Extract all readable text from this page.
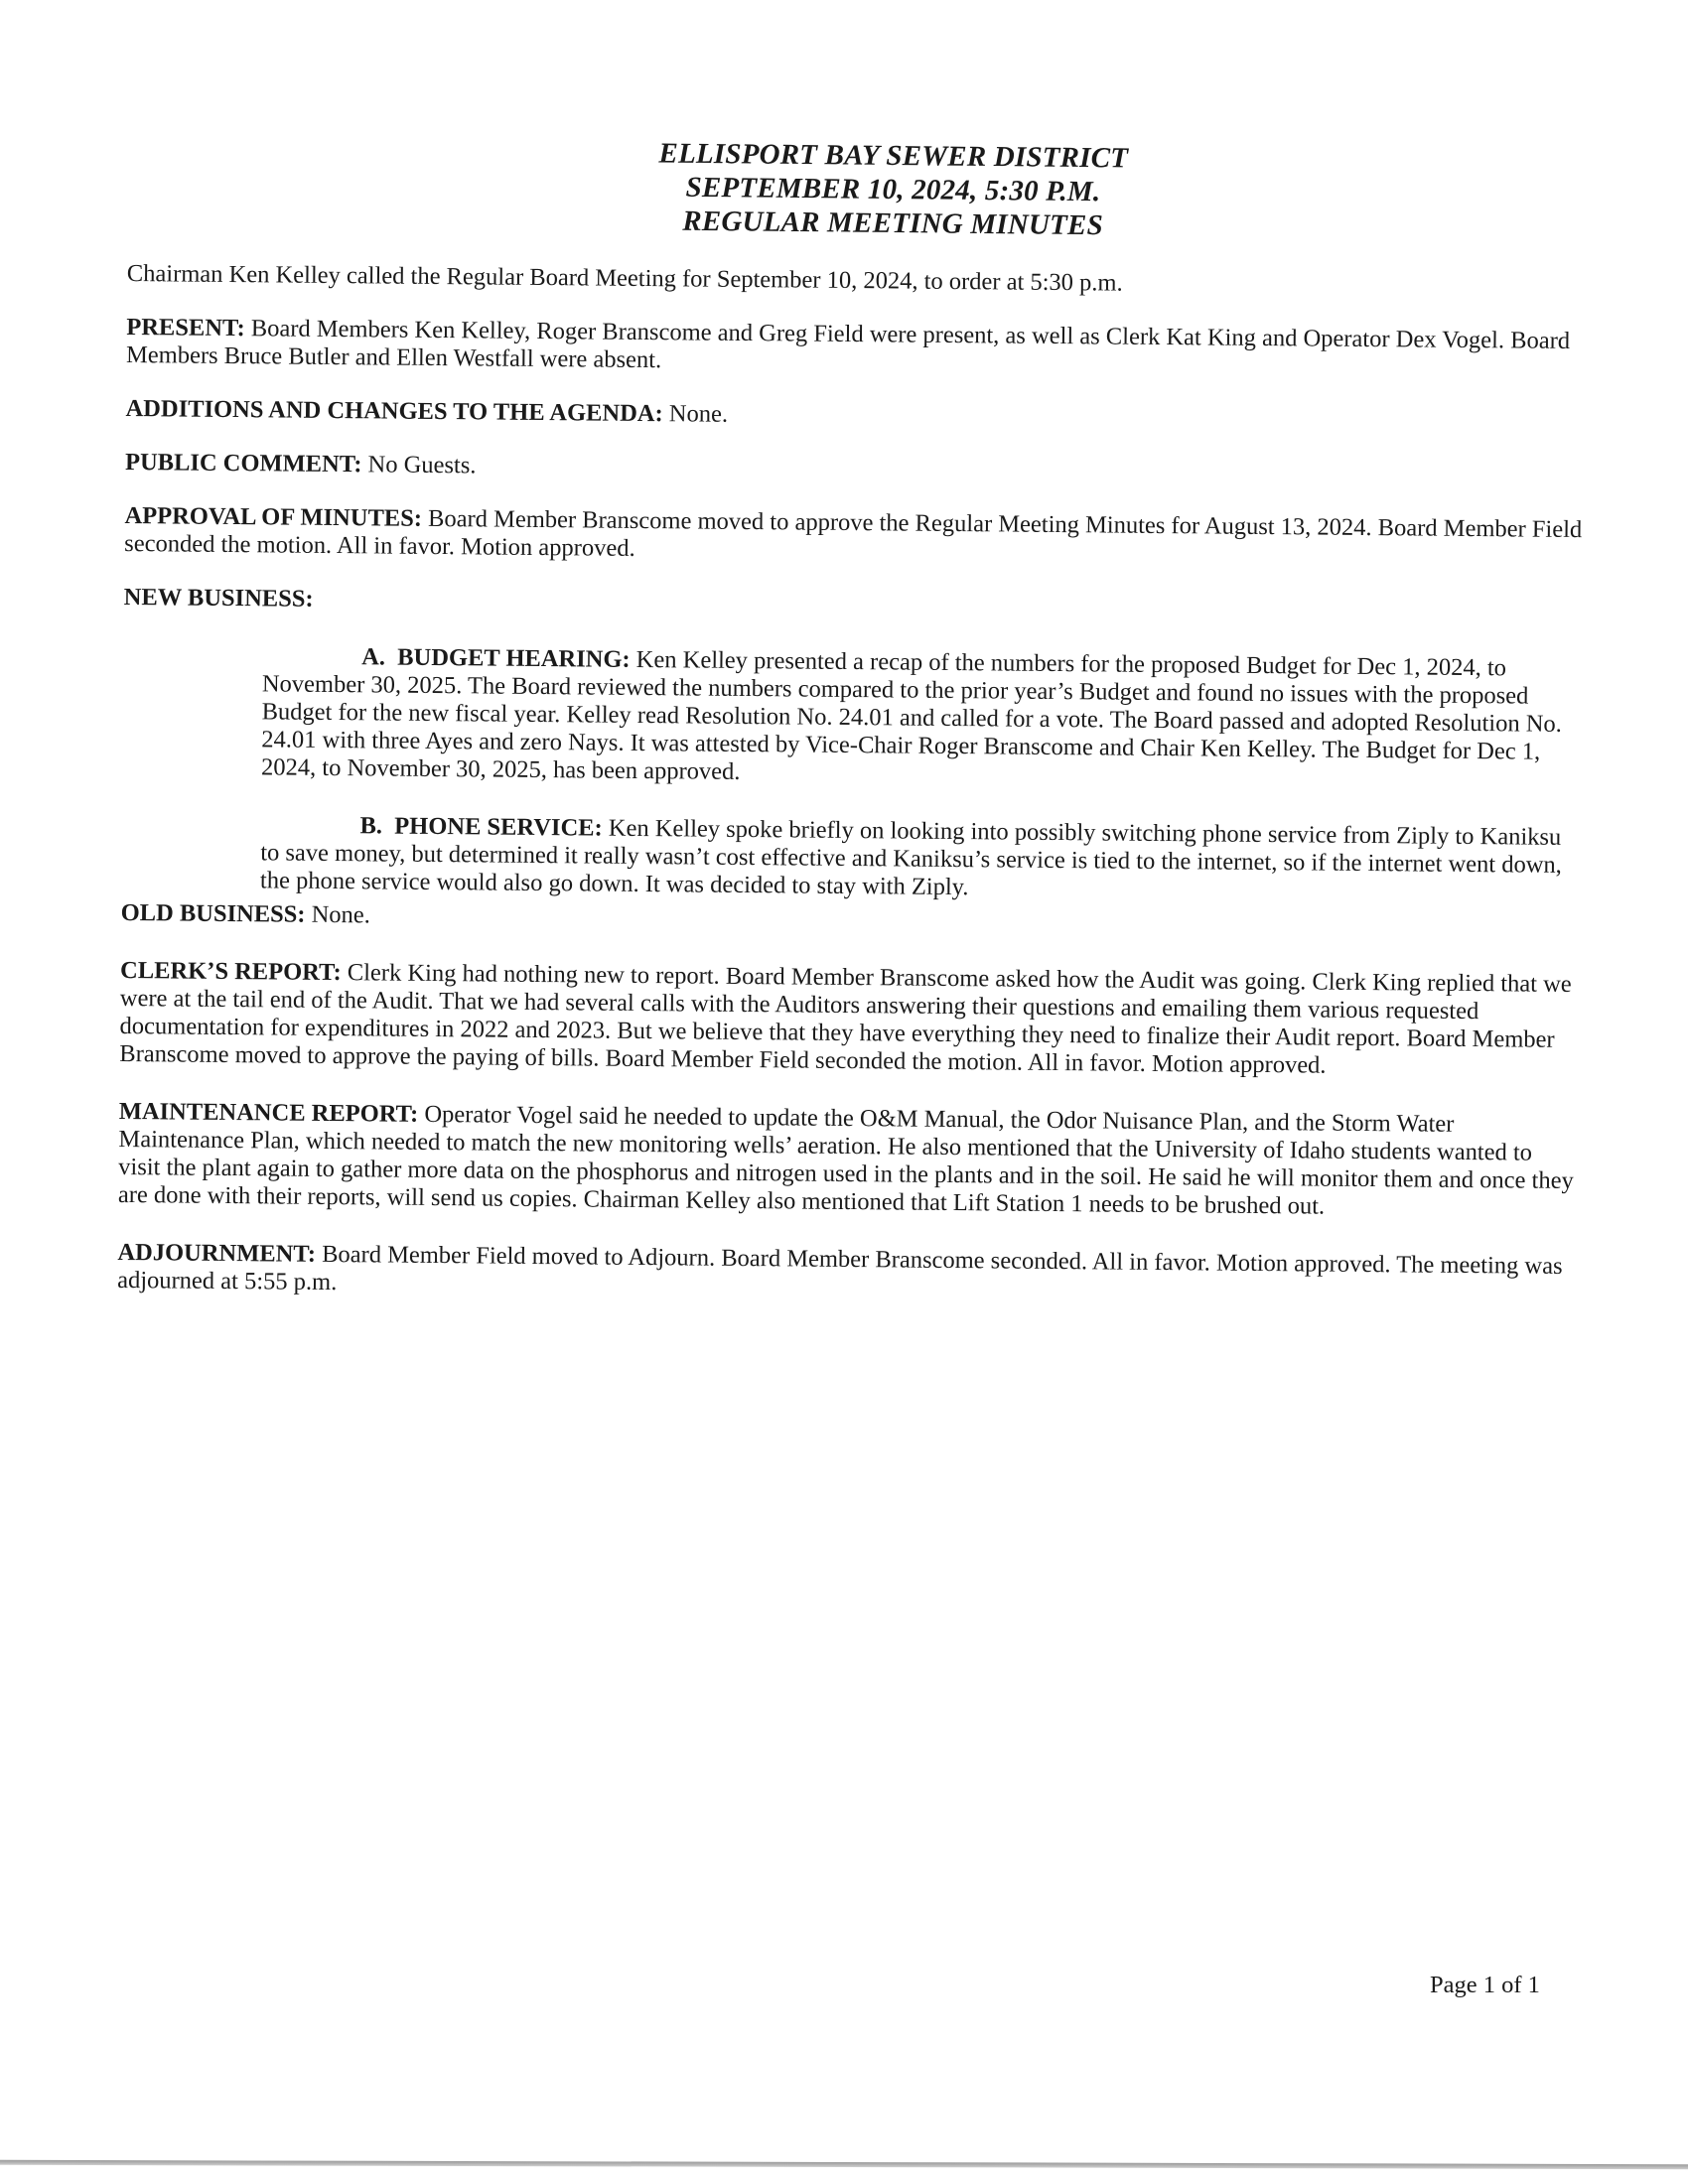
ELLISPORT BAY SEWER DISTRICT
SEPTEMBER 10, 2024, 5:30 P.M.
REGULAR MEETING MINUTES

Chairman Ken Kelley called the Regular Board Meeting for September 10, 2024, to order at 5:30 p.m.

PRESENT: Board Members Ken Kelley, Roger Branscome and Greg Field were present, as well as Clerk Kat King and Operator Dex Vogel. Board Members Bruce Butler and Ellen Westfall were absent.

ADDITIONS AND CHANGES TO THE AGENDA: None.

PUBLIC COMMENT: No Guests.

APPROVAL OF MINUTES: Board Member Branscome moved to approve the Regular Meeting Minutes for August 13, 2024. Board Member Field seconded the motion. All in favor. Motion approved.

NEW BUSINESS:

A. BUDGET HEARING: Ken Kelley presented a recap of the numbers for the proposed Budget for Dec 1, 2024, to November 30, 2025. The Board reviewed the numbers compared to the prior year’s Budget and found no issues with the proposed Budget for the new fiscal year. Kelley read Resolution No. 24.01 and called for a vote. The Board passed and adopted Resolution No. 24.01 with three Ayes and zero Nays. It was attested by Vice-Chair Roger Branscome and Chair Ken Kelley. The Budget for Dec 1, 2024, to November 30, 2025, has been approved.
B. PHONE SERVICE: Ken Kelley spoke briefly on looking into possibly switching phone service from Ziply to Kaniksu to save money, but determined it really wasn’t cost effective and Kaniksu’s service is tied to the internet, so if the internet went down, the phone service would also go down. It was decided to stay with Ziply.

OLD BUSINESS: None.

CLERK’S REPORT: Clerk King had nothing new to report. Board Member Branscome asked how the Audit was going. Clerk King replied that we were at the tail end of the Audit. That we had several calls with the Auditors answering their questions and emailing them various requested documentation for expenditures in 2022 and 2023. But we believe that they have everything they need to finalize their Audit report. Board Member Branscome moved to approve the paying of bills. Board Member Field seconded the motion. All in favor. Motion approved.

MAINTENANCE REPORT: Operator Vogel said he needed to update the O&M Manual, the Odor Nuisance Plan, and the Storm Water Maintenance Plan, which needed to match the new monitoring wells’ aeration. He also mentioned that the University of Idaho students wanted to visit the plant again to gather more data on the phosphorus and nitrogen used in the plants and in the soil. He said he will monitor them and once they are done with their reports, will send us copies. Chairman Kelley also mentioned that Lift Station 1 needs to be brushed out.

ADJOURNMENT: Board Member Field moved to Adjourn. Board Member Branscome seconded. All in favor. Motion approved. The meeting was adjourned at 5:55 p.m.

Page 1 of 1
